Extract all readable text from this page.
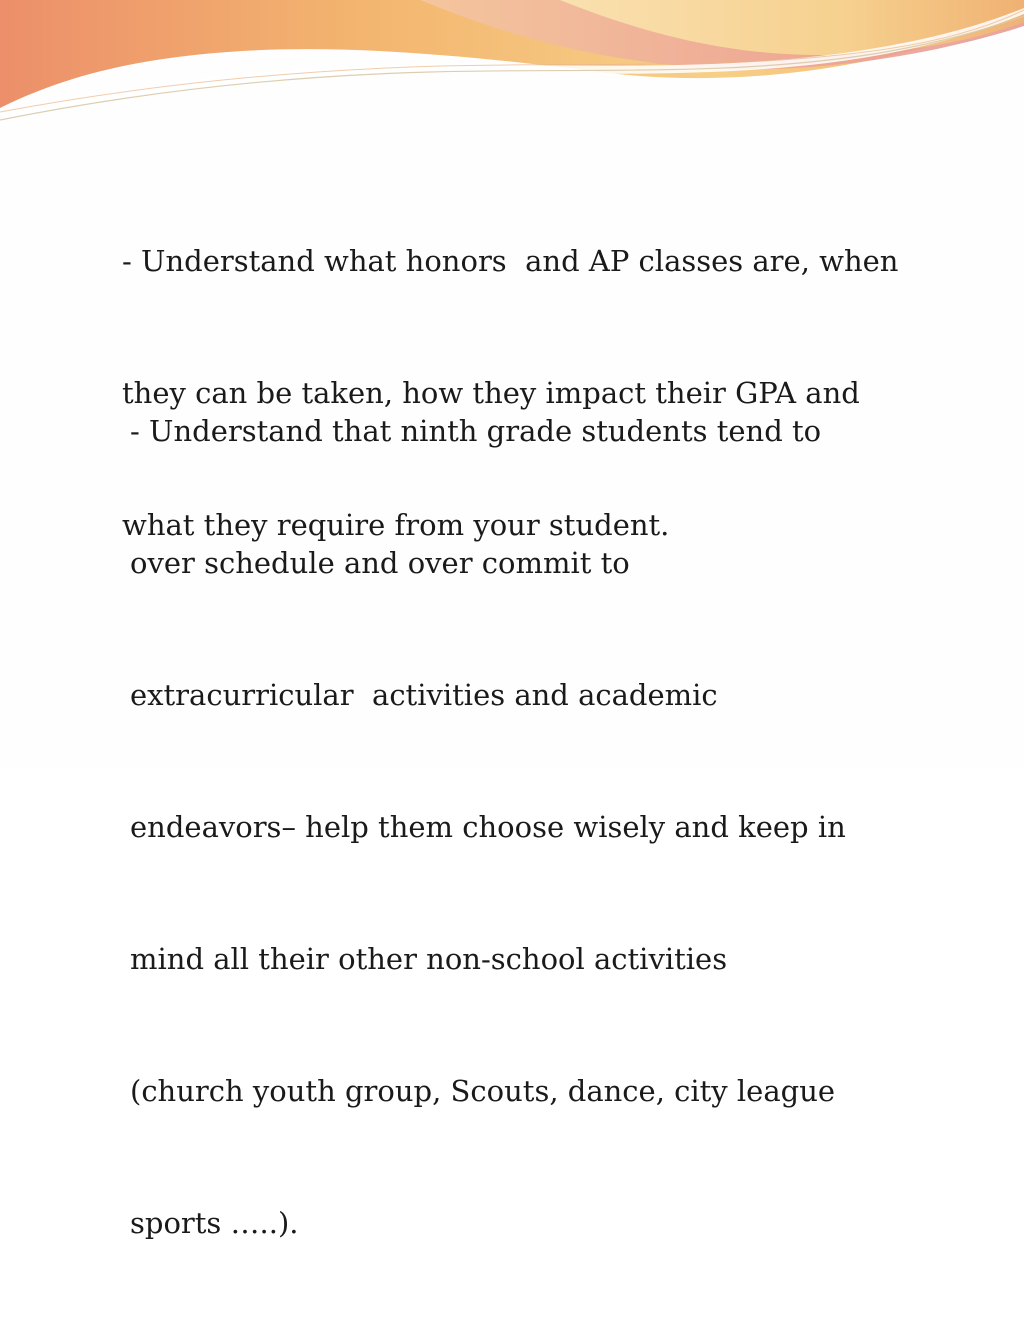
- Understand what honors  and AP classes are, when

they can be taken, how they impact their GPA and

what they require from your student.

- Understand that ninth grade students tend to

over schedule and over commit to

extracurricular  activities and academic

endeavors– help them choose wisely and keep in

mind all their other non-school activities

(church youth group, Scouts, dance, city league

sports …..).
